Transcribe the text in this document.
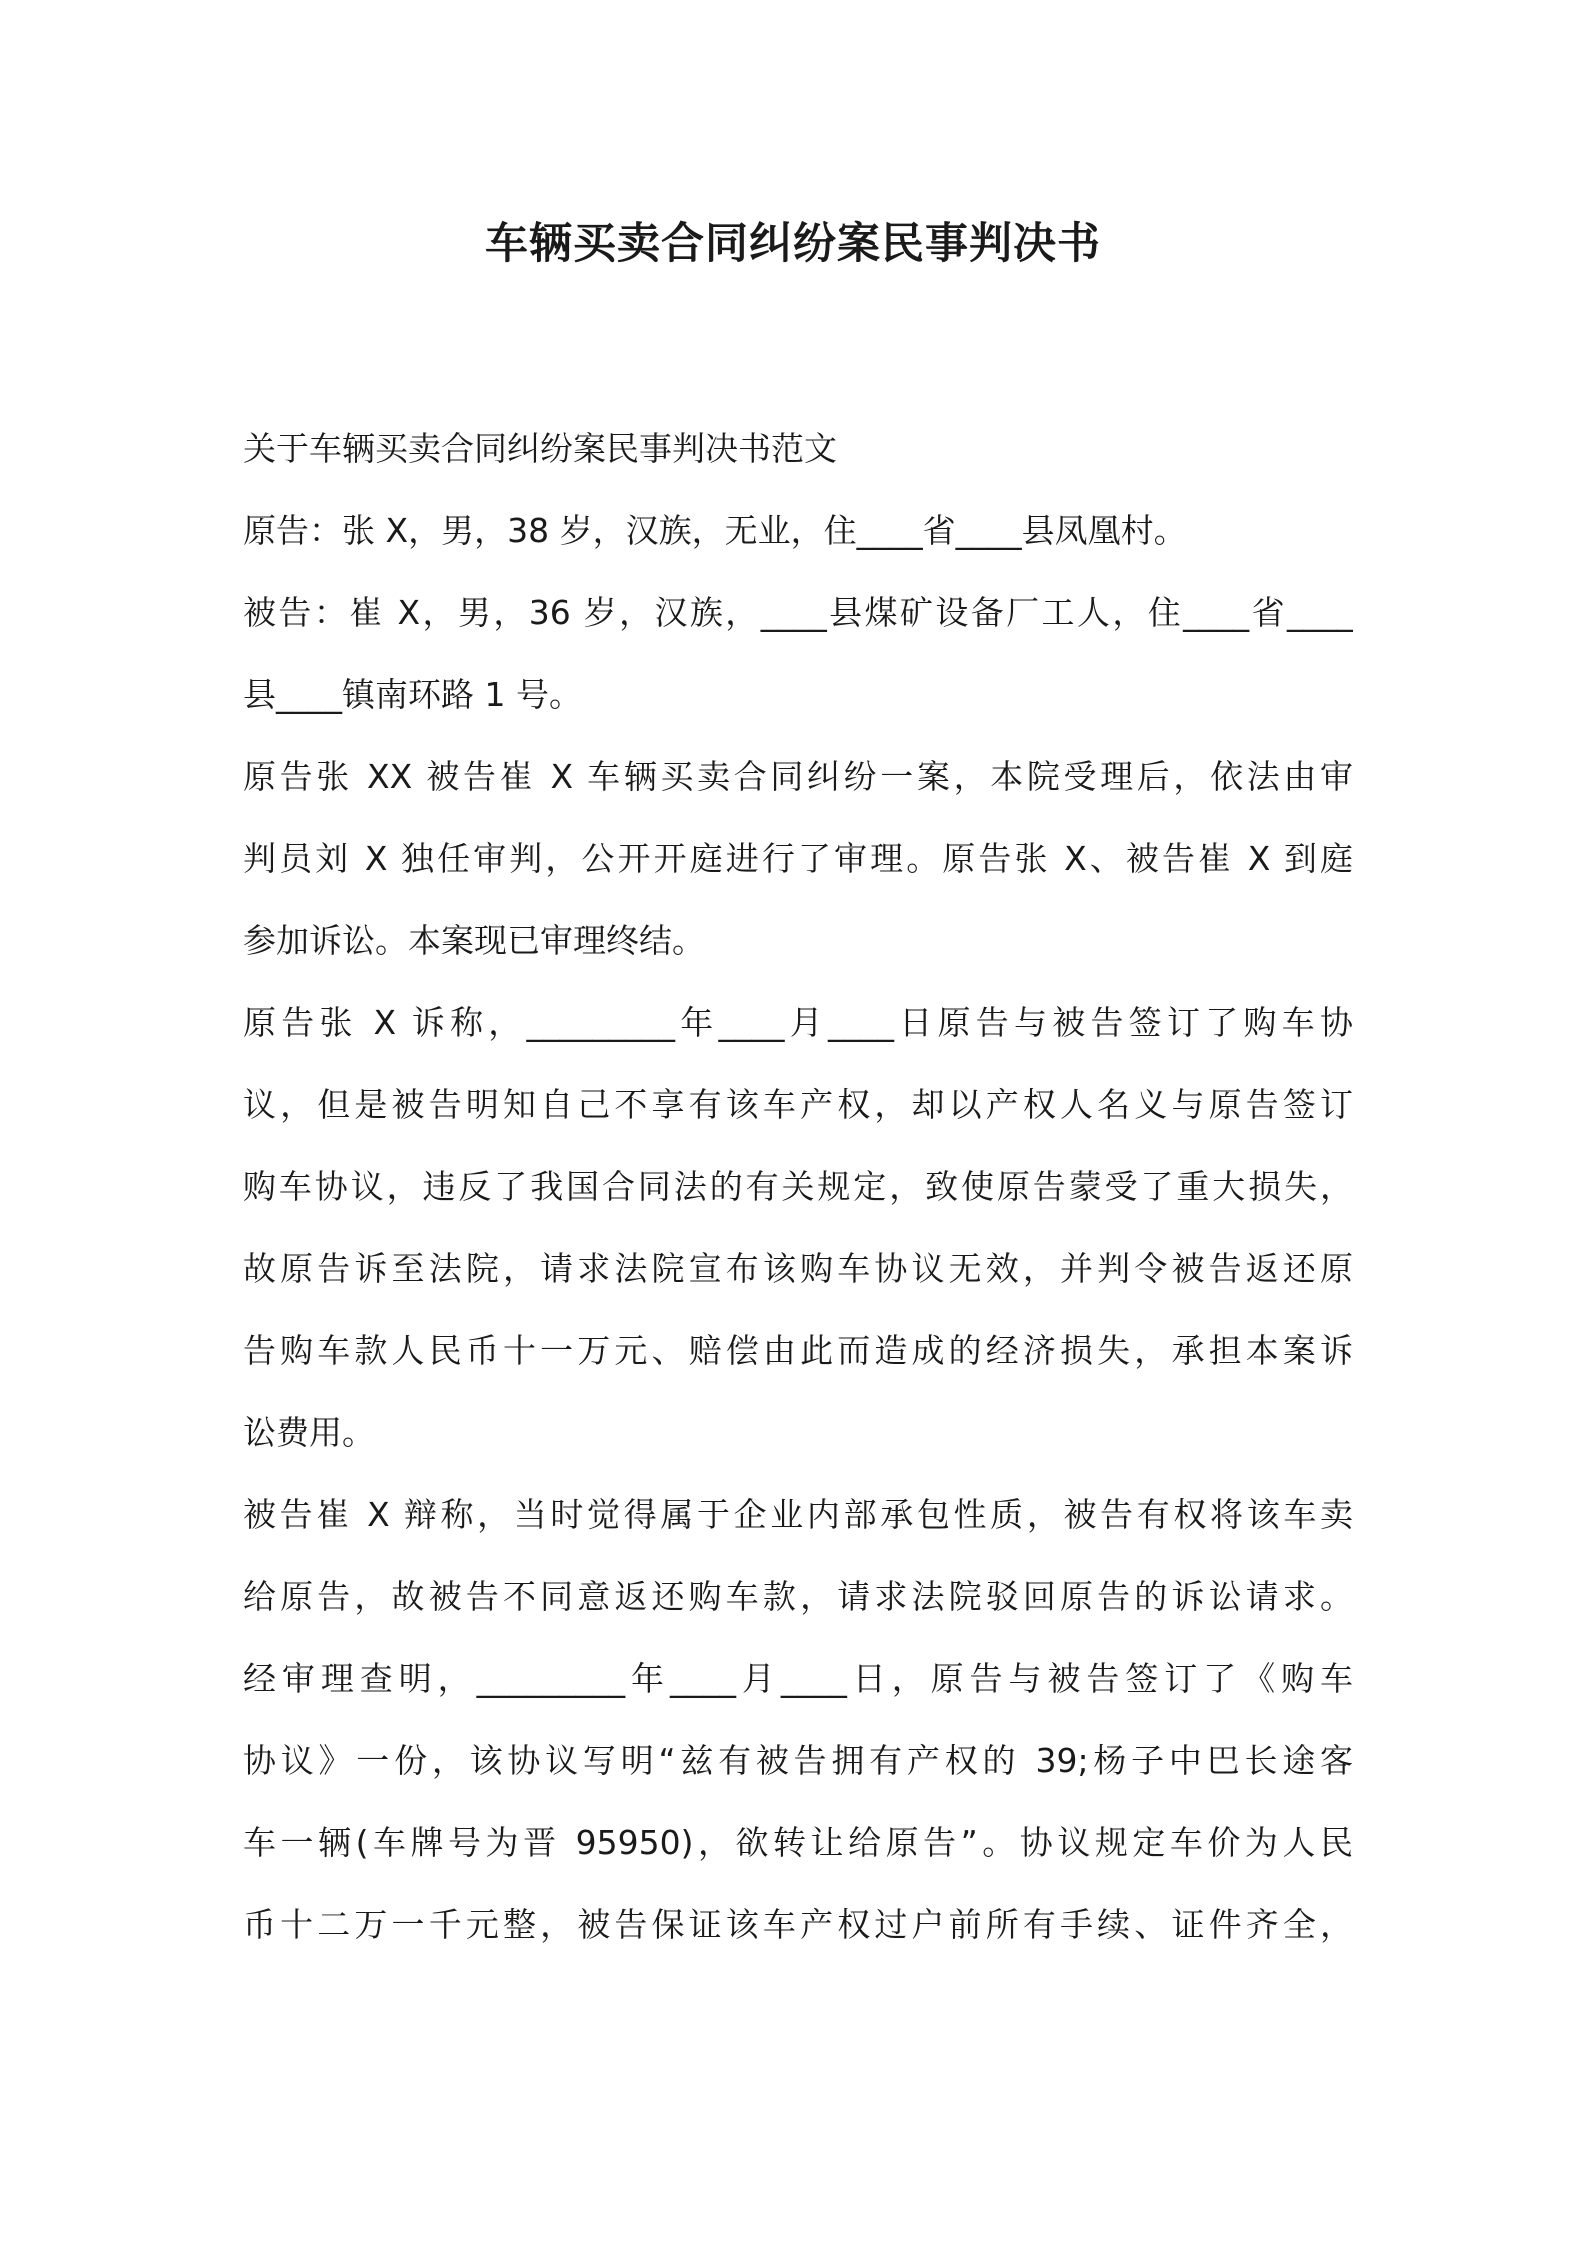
车辆买卖合同纠纷案民事判决书
关于车辆买卖合同纠纷案民事判决书范文
原告：张 X，男，38 岁，汉族，无业，住____省____县凤凰村。
被告：崔 X，男，36 岁，汉族，____县煤矿设备厂工人，住____省____
县____镇南环路 1 号。
原告张 XX 被告崔 X 车辆买卖合同纠纷一案，本院受理后，依法由审
判员刘 X 独任审判，公开开庭进行了审理。原告张 X、被告崔 X 到庭
参加诉讼。本案现已审理终结。
原告张 X 诉称，_________年____月____日原告与被告签订了购车协
议，但是被告明知自己不享有该车产权，却以产权人名义与原告签订
购车协议，违反了我国合同法的有关规定，致使原告蒙受了重大损失，
故原告诉至法院，请求法院宣布该购车协议无效，并判令被告返还原
告购车款人民币十一万元、赔偿由此而造成的经济损失，承担本案诉
讼费用。
被告崔 X 辩称，当时觉得属于企业内部承包性质，被告有权将该车卖
给原告，故被告不同意返还购车款，请求法院驳回原告的诉讼请求。
经审理查明，_________年____月____日，原告与被告签订了《购车
协议》一份，该协议写明“兹有被告拥有产权的 39;杨子中巴长途客
车一辆(车牌号为晋 95950)，欲转让给原告”。协议规定车价为人民
币十二万一千元整，被告保证该车产权过户前所有手续、证件齐全，
